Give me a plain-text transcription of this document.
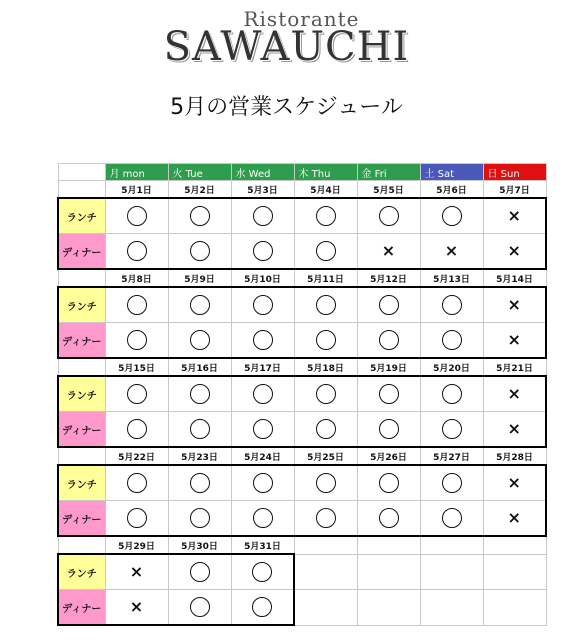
Ristorante
SAWAUCHI
5月の営業スケジュール
	月 mon	火 Tue	水 Wed	木 Thu	金 Fri	土 Sat	日 Sun
	5月1日	5月2日	5月3日	5月4日	5月5日	5月6日	5月7日
ランチ							×
ディナー					×	×	×
	5月8日	5月9日	5月10日	5月11日	5月12日	5月13日	5月14日
ランチ							×
ディナー							×
	5月15日	5月16日	5月17日	5月18日	5月19日	5月20日	5月21日
ランチ							×
ディナー							×
	5月22日	5月23日	5月24日	5月25日	5月26日	5月27日	5月28日
ランチ							×
ディナー							×
	5月29日	5月30日	5月31日				
ランチ	×						
ディナー	×						
